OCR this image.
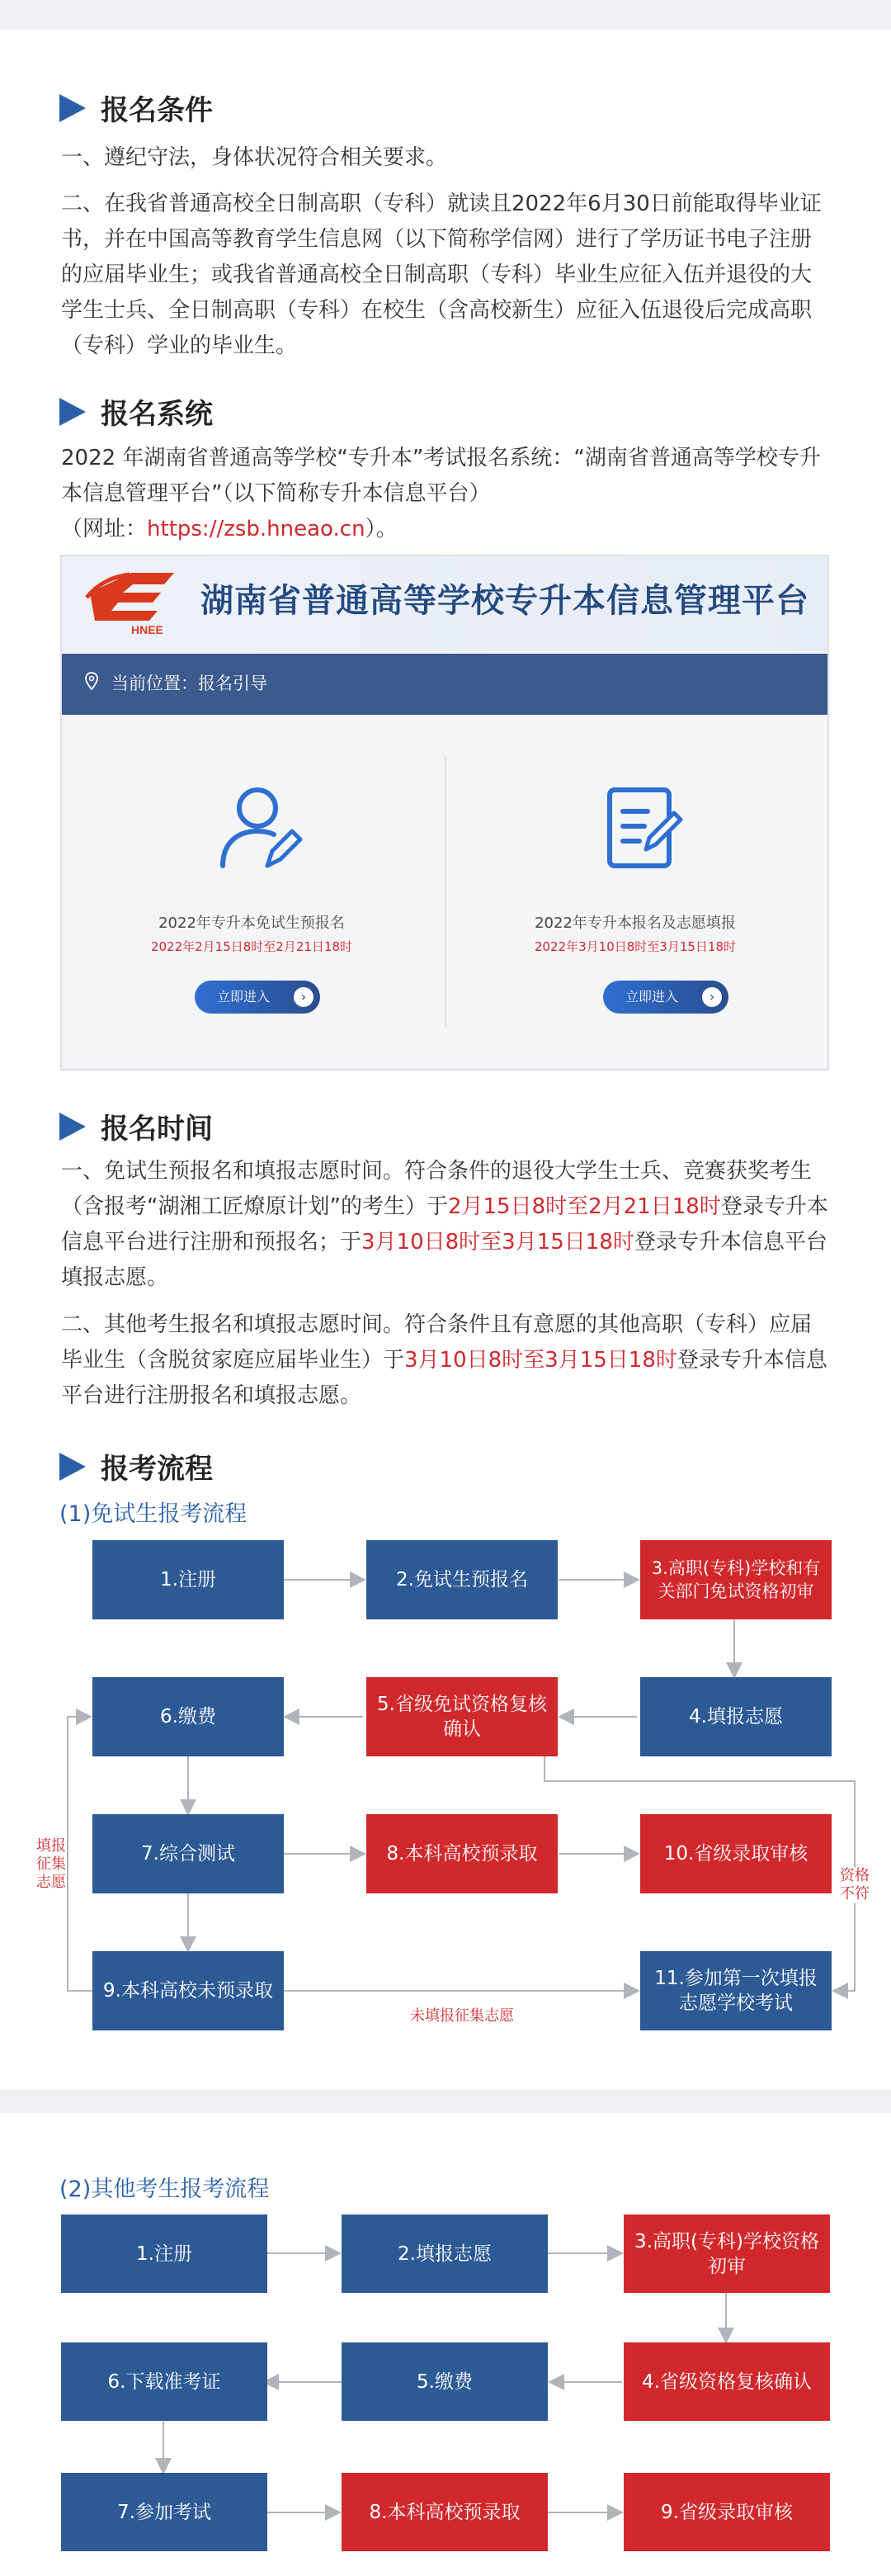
报名条件

一、遵纪守法，身体状况符合相关要求。

二、在我省普通高校全日制高职（专科）就读且2022年6月30日前能取得毕业证书，并在中国高等教育学生信息网（以下简称学信网）进行了学历证书电子注册的应届毕业生；或我省普通高校全日制高职（专科）毕业生应征入伍并退役的大学生士兵、全日制高职（专科）在校生（含高校新生）应征入伍退役后完成高职（专科）学业的毕业生。

报名系统

2022 年湖南省普通高等学校“专升本”考试报名系统：“湖南省普通高等学校专升本信息管理平台”（以下简称专升本信息平台）
（网址：https://zsb.hneao.cn）。

HNEE
湖南省普通高等学校专升本信息管理平台
当前位置：报名引导
2022年专升本免试生预报名
2022年2月15日8时至2月21日18时
立即进入	›
2022年专升本报名及志愿填报
2022年3月10日8时至3月15日18时
立即进入	›
报名时间

一、免试生预报名和填报志愿时间。符合条件的退役大学生士兵、竞赛获奖考生（含报考“湖湘工匠燎原计划”的考生）于2月15日8时至2月21日18时登录专升本信息平台进行注册和预报名；于3月10日8时至3月15日18时登录专升本信息平台填报志愿。

二、其他考生报名和填报志愿时间。符合条件且有意愿的其他高职（专科）应届毕业生（含脱贫家庭应届毕业生）于3月10日8时至3月15日18时登录专升本信息平台进行注册报名和填报志愿。

报考流程
(1)免试生报考流程
1.注册	2.免试生预报名
3.高职(专科)学校和有关部门免试资格初审
4.填报志愿
5.省级免试资格复核确认
6.缴费
7.综合测试	8.本科高校预录取	10.省级录取审核
9.本科高校未预录取
11.参加第一次填报志愿学校考试
填报征集志愿	资格不符
未填报征集志愿
(2)其他考生报考流程
1.注册	2.填报志愿
3.高职(专科)学校资格初审
4.省级资格复核确认
5.缴费
6.下载准考证
7.参加考试	8.本科高校预录取	9.省级录取审核
